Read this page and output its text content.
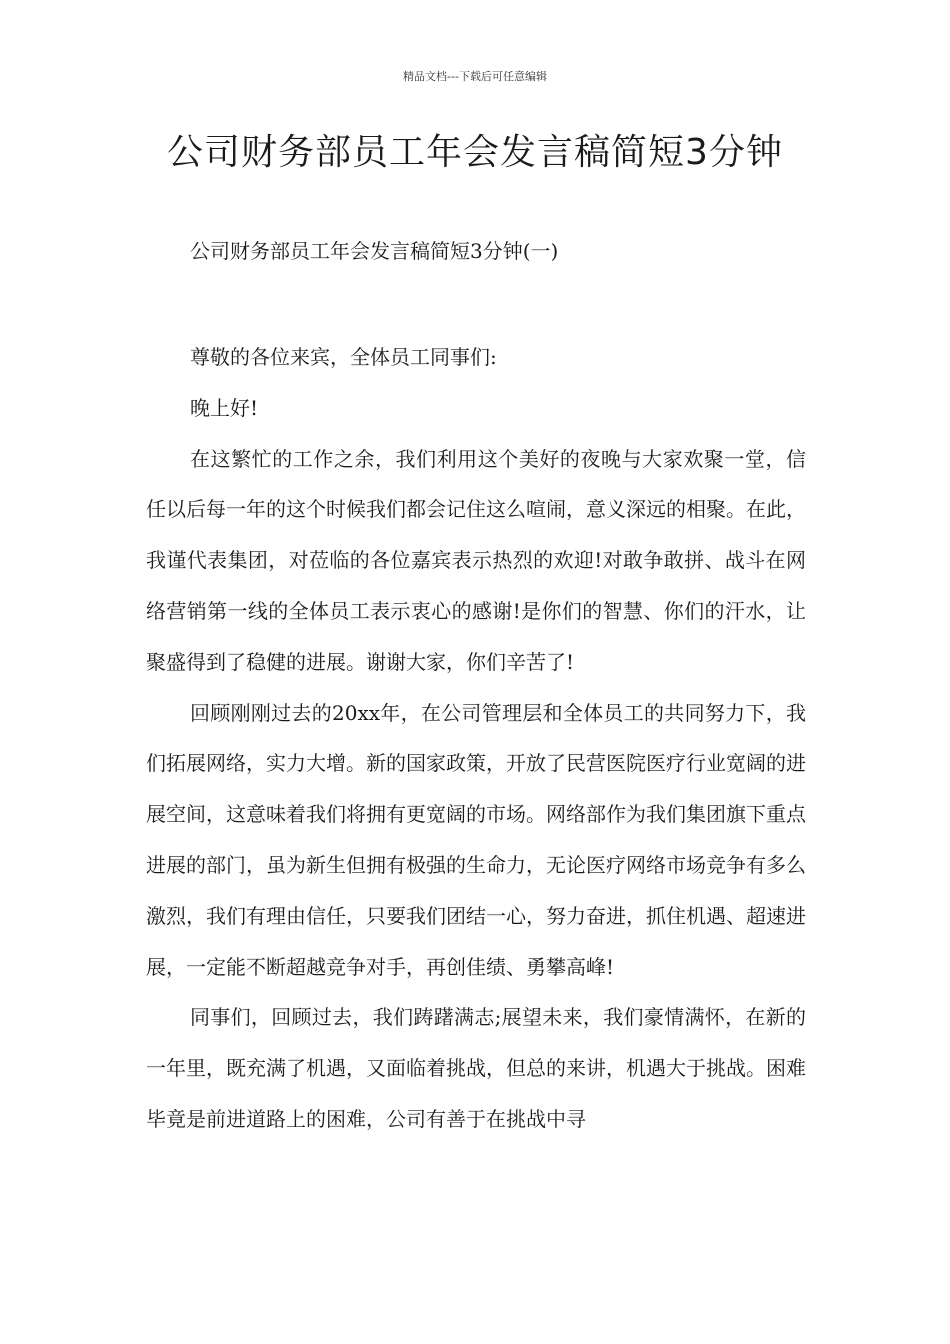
精品文档---下载后可任意编辑
公司财务部员工年会发言稿简短3分钟
公司财务部员工年会发言稿简短3分钟(一)

尊敬的各位来宾，全体员工同事们:

晚上好!

在这繁忙的工作之余，我们利用这个美好的夜晚与大家欢聚一堂，信任以后每一年的这个时候我们都会记住这么喧闹，意义深远的相聚。在此，我谨代表集团，对莅临的各位嘉宾表示热烈的欢迎!对敢争敢拼、战斗在网络营销第一线的全体员工表示衷心的感谢!是你们的智慧、你们的汗水，让聚盛得到了稳健的进展。谢谢大家，你们辛苦了!

回顾刚刚过去的20xx年，在公司管理层和全体员工的共同努力下，我们拓展网络，实力大增。新的国家政策，开放了民营医院医疗行业宽阔的进展空间，这意味着我们将拥有更宽阔的市场。网络部作为我们集团旗下重点进展的部门，虽为新生但拥有极强的生命力，无论医疗网络市场竞争有多么激烈，我们有理由信任，只要我们团结一心，努力奋进，抓住机遇、超速进展，一定能不断超越竞争对手，再创佳绩、勇攀高峰!

同事们，回顾过去，我们踌躇满志;展望未来，我们豪情满怀，在新的一年里，既充满了机遇，又面临着挑战，但总的来讲，机遇大于挑战。困难毕竟是前进道路上的困难，公司有善于在挑战中寻
